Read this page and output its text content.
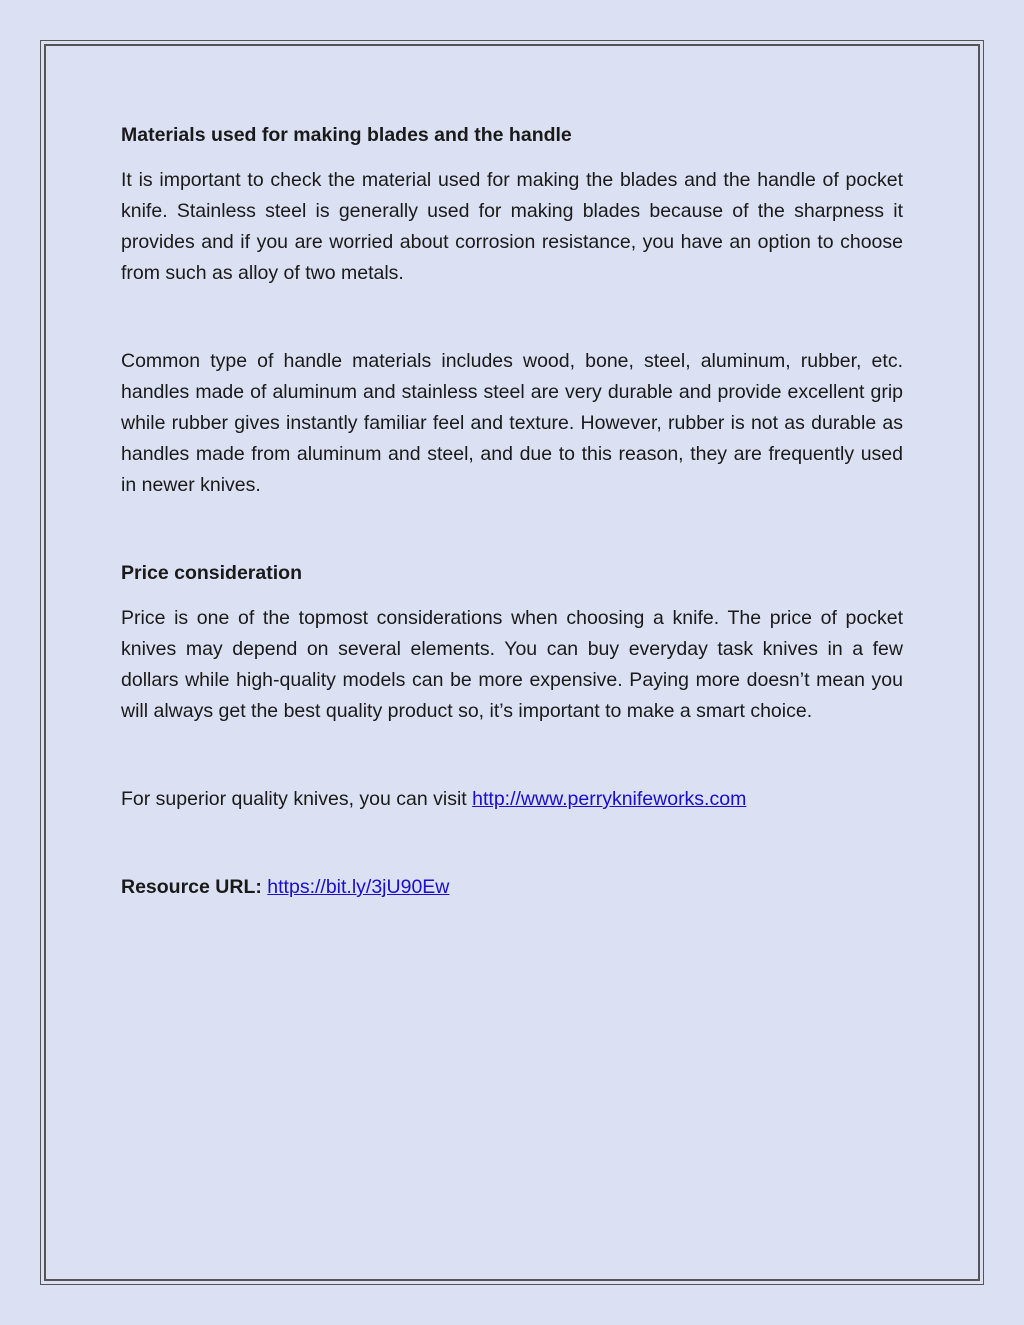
Materials used for making blades and the handle

It is important to check the material used for making the blades and the handle of pocket knife. Stainless steel is generally used for making blades because of the sharpness it provides and if you are worried about corrosion resistance, you have an option to choose from such as alloy of two metals.

Common type of handle materials includes wood, bone, steel, aluminum, rubber, etc. handles made of aluminum and stainless steel are very durable and provide excellent grip while rubber gives instantly familiar feel and texture. However, rubber is not as durable as handles made from aluminum and steel, and due to this reason, they are frequently used in newer knives.

Price consideration

Price is one of the topmost considerations when choosing a knife. The price of pocket knives may depend on several elements. You can buy everyday task knives in a few dollars while high-quality models can be more expensive. Paying more doesn’t mean you will always get the best quality product so, it’s important to make a smart choice.

For superior quality knives, you can visit http://www.perryknifeworks.com

Resource URL: https://bit.ly/3jU90Ew
